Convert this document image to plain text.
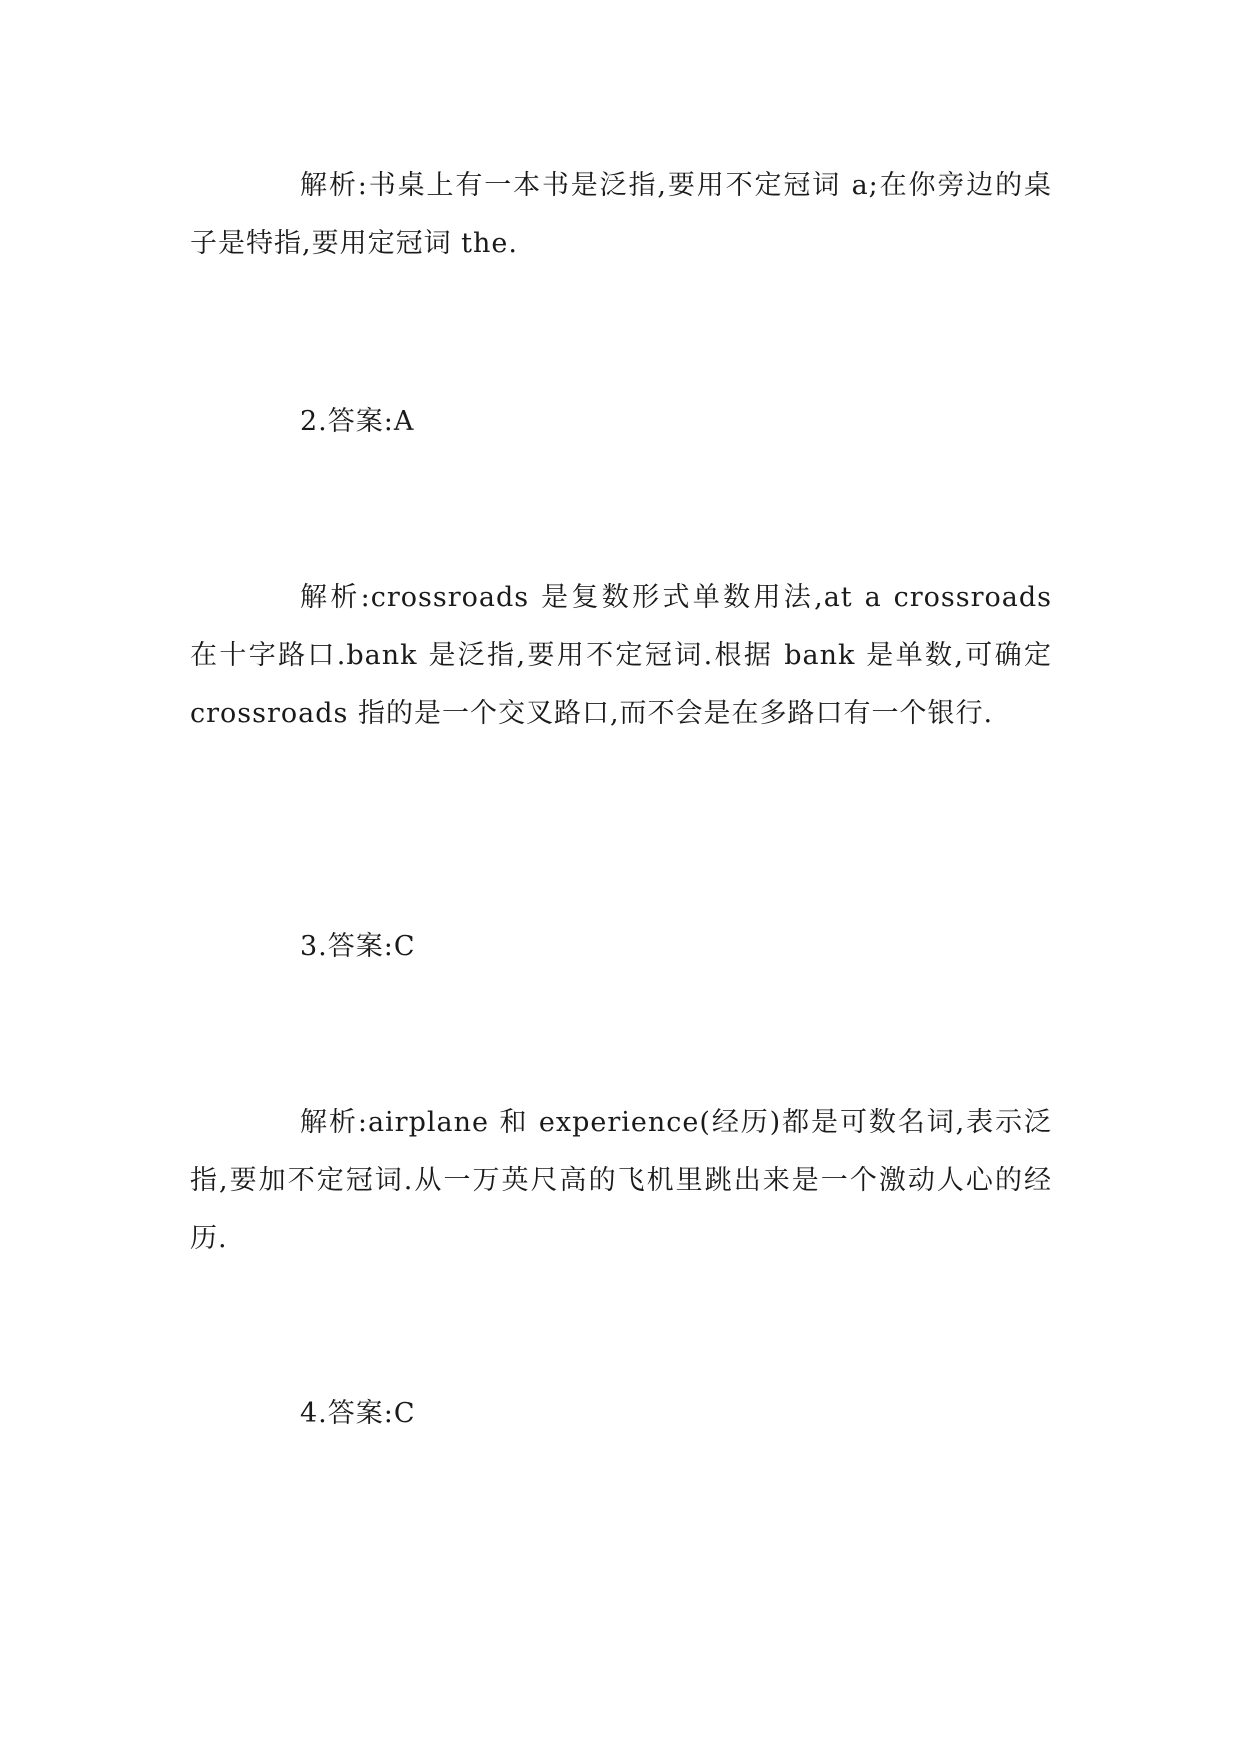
解析:书桌上有一本书是泛指,要用不定冠词 a;在你旁边的桌子是特指,要用定冠词 the.

2.答案:A

解析:crossroads 是复数形式单数用法,at a crossroads 在十字路口.bank 是泛指,要用不定冠词.根据 bank 是单数,可确定 crossroads 指的是一个交叉路口,而不会是在多路口有一个银行.

3.答案:C

解析:airplane 和 experience(经历)都是可数名词,表示泛指,要加不定冠词.从一万英尺高的飞机里跳出来是一个激动人心的经历.

4.答案:C
